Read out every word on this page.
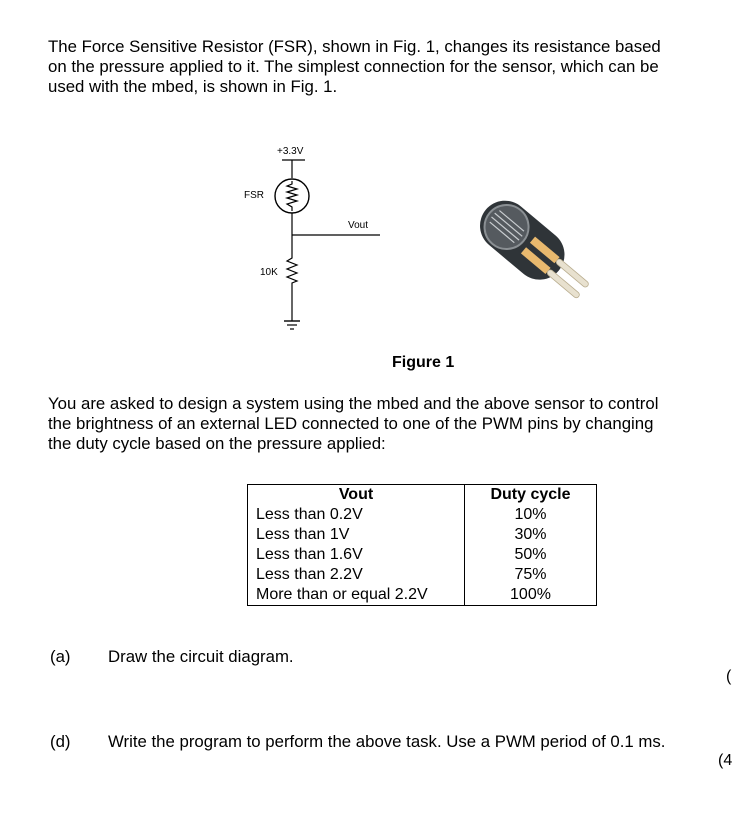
The Force Sensitive Resistor (FSR), shown in Fig. 1, changes its resistance based
on the pressure applied to it. The simplest connection for the sensor, which can be
used with the mbed, is shown in Fig. 1.
+3.3V
FSR
Vout
10K
Figure 1
You are asked to design a system using the mbed and the above sensor to control
the brightness of an external LED connected to one of the PWM pins by changing
the duty cycle based on the pressure applied:
Vout	Duty cycle
Less than 0.2V	10%
Less than 1V	30%
Less than 1.6V	50%
Less than 2.2V	75%
More than or equal 2.2V	100%
(a) Draw the circuit diagram.
(
(d) Write the program to perform the above task. Use a PWM period of 0.1 ms.
(4
